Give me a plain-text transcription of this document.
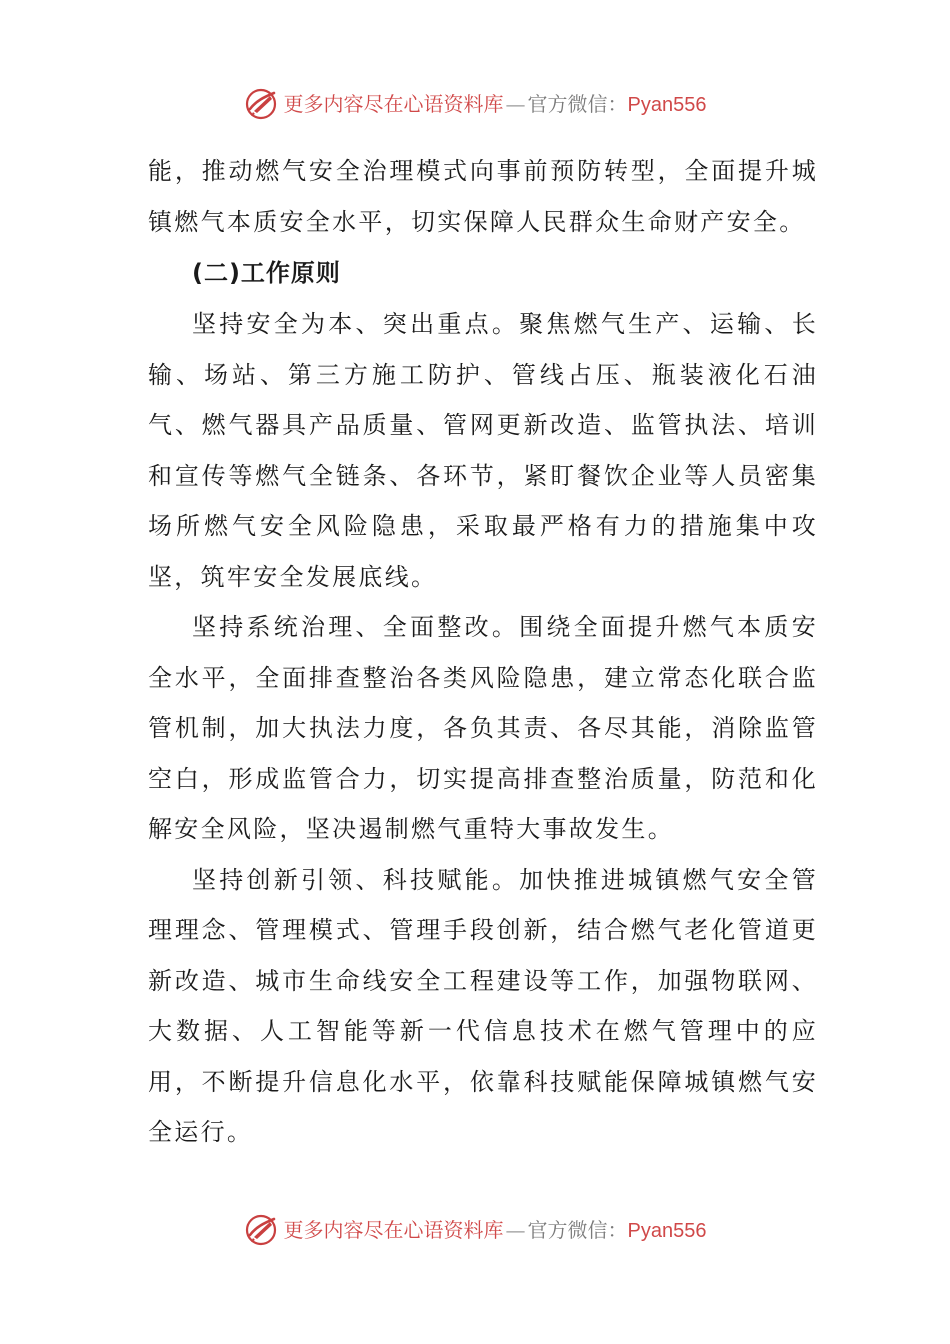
更多内容尽在心语资料库 — 官方微信： Pyan556

能，推动燃气安全治理模式向事前预防转型，全面提升城镇燃气本质安全水平，切实保障人民群众生命财产安全。

(二)工作原则

坚持安全为本、突出重点。聚焦燃气生产、运输、长输、场站、第三方施工防护、管线占压、瓶装液化石油气、燃气器具产品质量、管网更新改造、监管执法、培训和宣传等燃气全链条、各环节，紧盯餐饮企业等人员密集场所燃气安全风险隐患，采取最严格有力的措施集中攻坚，筑牢安全发展底线。

坚持系统治理、全面整改。围绕全面提升燃气本质安全水平，全面排查整治各类风险隐患，建立常态化联合监管机制，加大执法力度，各负其责、各尽其能，消除监管空白，形成监管合力，切实提高排查整治质量，防范和化解安全风险，坚决遏制燃气重特大事故发生。

坚持创新引领、科技赋能。加快推进城镇燃气安全管理理念、管理模式、管理手段创新，结合燃气老化管道更新改造、城市生命线安全工程建设等工作，加强物联网、大数据、人工智能等新一代信息技术在燃气管理中的应用，不断提升信息化水平，依靠科技赋能保障城镇燃气安全运行。

更多内容尽在心语资料库 — 官方微信： Pyan556
